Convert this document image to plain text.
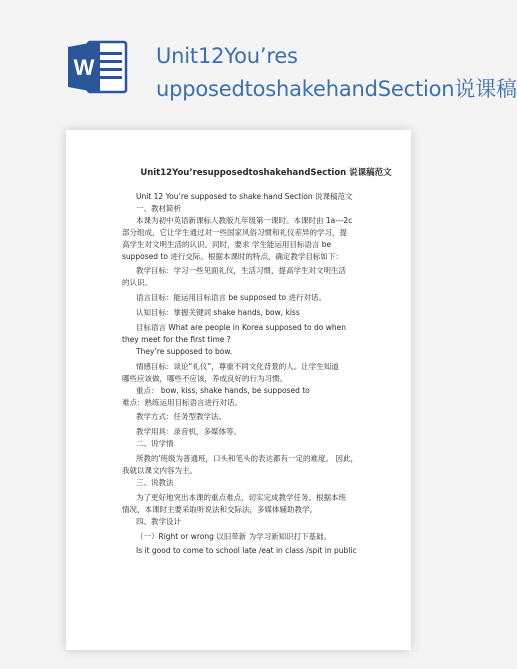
W	Unit12You’res
upposedtoshakehandSection说课稿
Unit12You’resupposedtoshakehandSection 说课稿范文

Unit 12 You’re supposed to shake hand Section 说课稿范文

一、教材简析

本课为初中英语新课标人教版九年级第一课时。本课时由 1a---2c

部分组成，它让学生通过对一些国家风俗习惯和礼仪差异的学习，提

高学生对文明生活的认识。同时，要求 学生能运用目标语言 be

supposed to 进行交际。根据本课时的特点，确定教学目标如下：

教学目标：学习一些见面礼仪，生活习惯，提高学生对文明生活

的认识。

语言目标：能运用目标语言 be supposed to 进行对话。

认知目标：掌握关键词 shake hands, bow, kiss

目标语言 What are people in Korea supposed to do when

they meet for the first time ?

They’re supposed to bow.

情感目标：谈论“礼仪”，尊重不同文化背景的人。让学生知道

哪些应该做，哪些不应该，养成良好的行为习惯。

重点： bow, kiss, shake hands, be supposed to

难点：熟练运用目标语言进行对话。

教学方式：任务型教学法。

教学用具：录音机，多媒体等。

二、说学情

所教的'班级为普通班，口头和笔头的表达都有一定的难度。 因此，

我就以课文内容为主。

三、说教法

为了更好地突出本课的重点难点，切实完成教学任务。根据本班

情况，本课时主要采取听说法和交际法，多媒体辅助教学。

四、教学设计

（一）Right or wrong 以旧带新 为学习新知识打下基础。

Is it good to come to school late /eat in class /spit in public
